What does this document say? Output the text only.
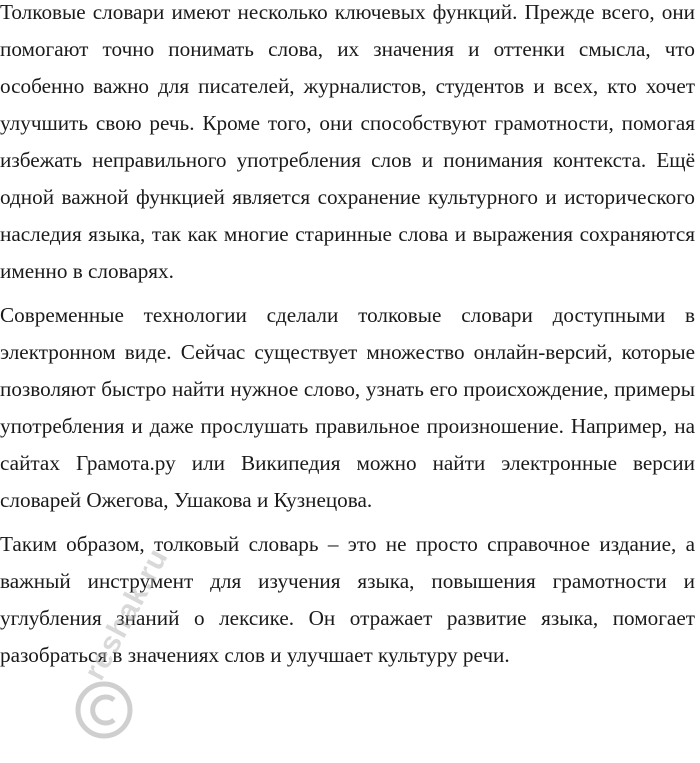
Толковые словари имеют несколько ключевых функций. Прежде всего, они помогают точно понимать слова, их значения и оттенки смысла, что особенно важно для писателей, журналистов, студентов и всех, кто хочет улучшить свою речь. Кроме того, они способствуют грамотности, помогая избежать неправильного употребления слов и понимания контекста. Ещё одной важной функцией является сохранение культурного и исторического наследия языка, так как многие старинные слова и выражения сохраняются именно в словарях.

Современные технологии сделали толковые словари доступными в электронном виде. Сейчас существует множество онлайн-версий, которые позволяют быстро найти нужное слово, узнать его происхождение, примеры употребления и даже прослушать правильное произношение. Например, на сайтах Грамота.ру или Википедия можно найти электронные версии словарей Ожегова, Ушакова и Кузнецова.

Таким образом, толковый словарь – это не просто справочное издание, а важный инструмент для изучения языка, повышения грамотности и углубления знаний о лексике. Он отражает развитие языка, помогает разобраться в значениях слов и улучшает культуру речи.

reshak.ru
